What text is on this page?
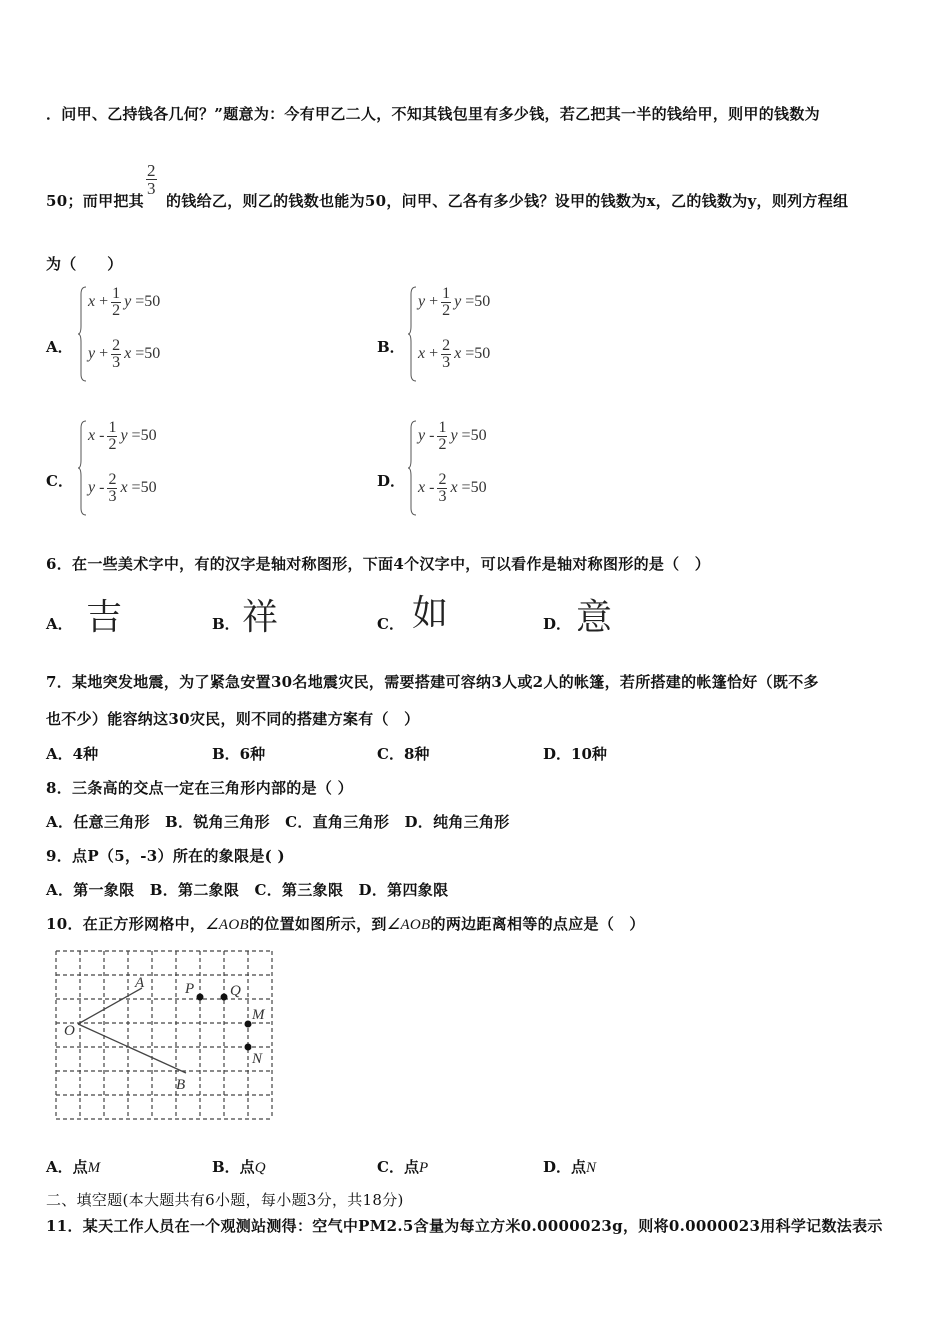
．问甲、乙持钱各几何？”题意为：今有甲乙二人，不知其钱包里有多少钱，若乙把其一半的钱给甲，则甲的钱数为
50；而甲把其
$\frac{2}{3}$
的钱给乙，则乙的钱数也能为50，问甲、乙各有多少钱？设甲的钱数为x，乙的钱数为y，则列方程组
为（　　）
A．
$x + \frac{1}{2}$ y =50
$y + \frac{2}{3}$ x =50	B．
$y + \frac{1}{2}$ y =50
$x + \frac{2}{3}$ x =50
C．
x - $\frac{1}{2}$ y =50
y - $\frac{2}{3}$ x =50	D．
y - $\frac{1}{2}$ y =50
x - $\frac{2}{3}$ x =50
6．在一些美术字中，有的汉字是轴对称图形，下面4个汉字中，可以看作是轴对称图形的是（　）
A． 吉	B． 祥	C． 如	D． 意
7．某地突发地震，为了紧急安置30名地震灾民，需要搭建可容纳3人或2人的帐篷，若所搭建的帐篷恰好（既不多
也不少）能容纳这30灾民，则不同的搭建方案有（　）
A．4种	B．6种	C．8种	D．10种
8．三条高的交点一定在三角形内部的是（ ）
A．任意三角形　B．锐角三角形　C．直角三角形　D．纯角三角形
9．点P（5，-3）所在的象限是( )
A．第一象限　B．第二象限　C．第三象限　D．第四象限
10．在正方形网格中，∠AOB的位置如图所示，到∠AOB的两边距离相等的点应是（　）
A
O
B
P Q
M
N
A．点M	B．点Q	C．点P	D．点N
二、填空题(本大题共有6小题，每小题3分，共18分)
11．某天工作人员在一个观测站测得：空气中PM2.5含量为每立方米0.0000023g，则将0.0000023用科学记数法表示
